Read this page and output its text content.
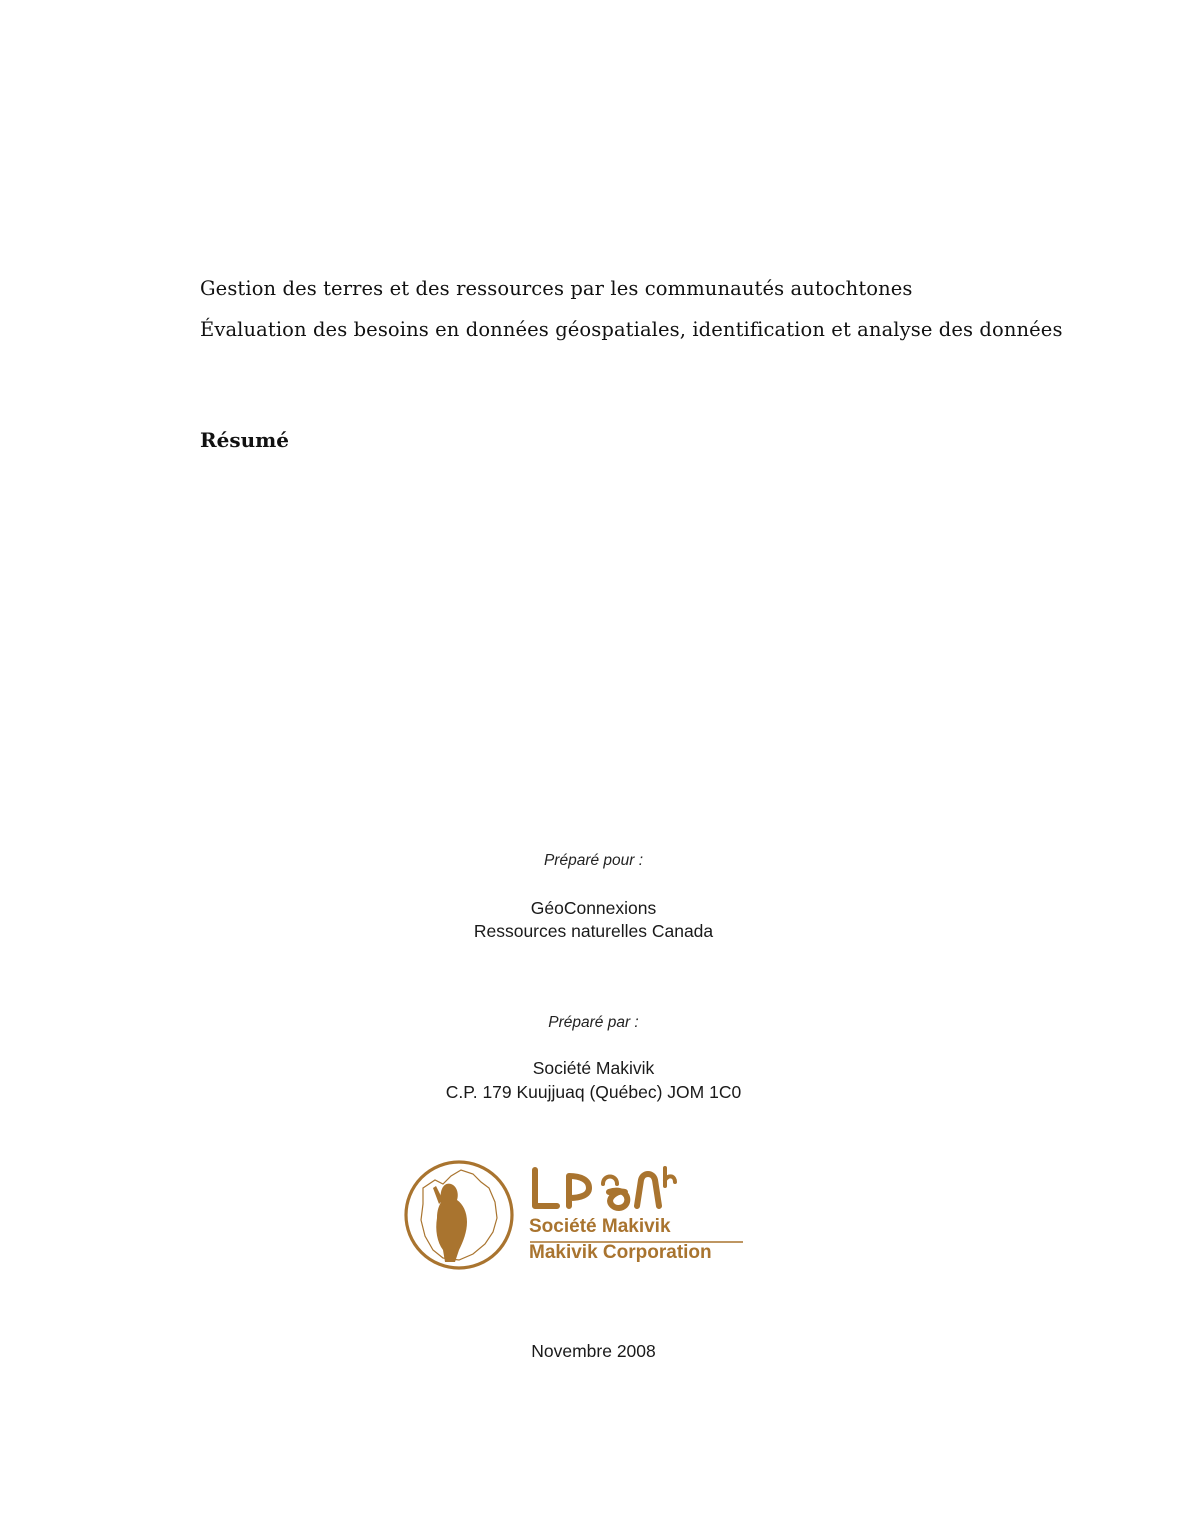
Gestion des terres et des ressources par les communautés autochtones
Évaluation des besoins en données géospatiales, identification et analyse des données
Résumé
Préparé pour :
GéoConnexions
Ressources naturelles Canada
Préparé par :
Société Makivik
C.P. 179 Kuujjuaq (Québec) JOM 1C0
Société Makivik
Makivik Corporation
Novembre 2008
